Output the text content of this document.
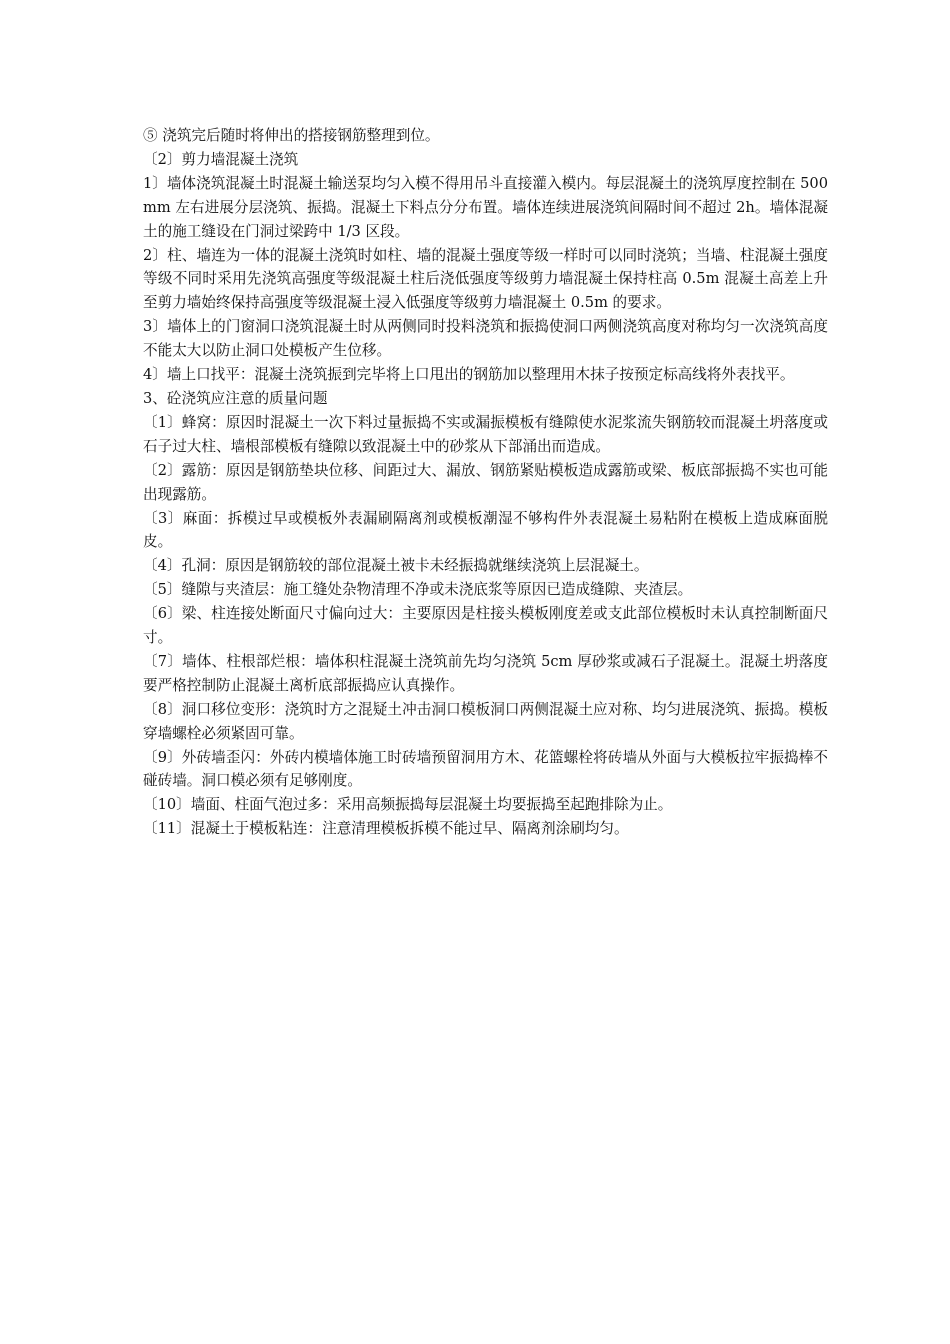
⑤ 浇筑完后随时将伸出的搭接钢筋整理到位。

〔2〕剪力墙混凝土浇筑

1〕墙体浇筑混凝土时混凝土输送泵均匀入模不得用吊斗直接灌入模内。每层混凝土的浇筑厚度控制在 500mm 左右进展分层浇筑、振捣。混凝土下料点分分布置。墙体连续进展浇筑间隔时间不超过 2h。墙体混凝土的施工缝设在门洞过梁跨中 1/3 区段。

2〕柱、墙连为一体的混凝土浇筑时如柱、墙的混凝土强度等级一样时可以同时浇筑；当墙、柱混凝土强度等级不同时采用先浇筑高强度等级混凝土柱后浇低强度等级剪力墙混凝土保持柱高 0.5m 混凝土高差上升至剪力墙始终保持高强度等级混凝土浸入低强度等级剪力墙混凝土 0.5m 的要求。

3〕墙体上的门窗洞口浇筑混凝土时从两侧同时投料浇筑和振捣使洞口两侧浇筑高度对称均匀一次浇筑高度不能太大以防止洞口处模板产生位移。

4〕墙上口找平：混凝土浇筑振到完毕将上口甩出的钢筋加以整理用木抹子按预定标高线将外表找平。

3、砼浇筑应注意的质量问题

〔1〕蜂窝：原因时混凝土一次下料过量振捣不实或漏振模板有缝隙使水泥浆流失钢筋较而混凝土坍落度或石子过大柱、墙根部模板有缝隙以致混凝土中的砂浆从下部涌出而造成。

〔2〕露筋：原因是钢筋垫块位移、间距过大、漏放、钢筋紧贴模板造成露筋或梁、板底部振捣不实也可能出现露筋。

〔3〕麻面：拆模过早或模板外表漏刷隔离剂或模板潮湿不够构件外表混凝土易粘附在模板上造成麻面脱皮。

〔4〕孔洞：原因是钢筋较的部位混凝土被卡未经振捣就继续浇筑上层混凝土。

〔5〕缝隙与夹渣层：施工缝处杂物清理不净或未浇底浆等原因已造成缝隙、夹渣层。

〔6〕梁、柱连接处断面尺寸偏向过大：主要原因是柱接头模板刚度差或支此部位模板时未认真控制断面尺寸。

〔7〕墙体、柱根部烂根：墙体积柱混凝土浇筑前先均匀浇筑 5cm 厚砂浆或减石子混凝土。混凝土坍落度要严格控制防止混凝土离析底部振捣应认真操作。

〔8〕洞口移位变形：浇筑时方之混疑土冲击洞口模板洞口两侧混凝土应对称、均匀进展浇筑、振捣。模板穿墙螺栓必须紧固可靠。

〔9〕外砖墙歪闪：外砖内模墙体施工时砖墙预留洞用方木、花篮螺栓将砖墙从外面与大模板拉牢振捣棒不碰砖墙。洞口模必须有足够刚度。

〔10〕墙面、柱面气泡过多：采用高频振捣每层混凝土均要振捣至起跑排除为止。

〔11〕混凝土于模板粘连：注意清理模板拆模不能过早、隔离剂涂刷均匀。
